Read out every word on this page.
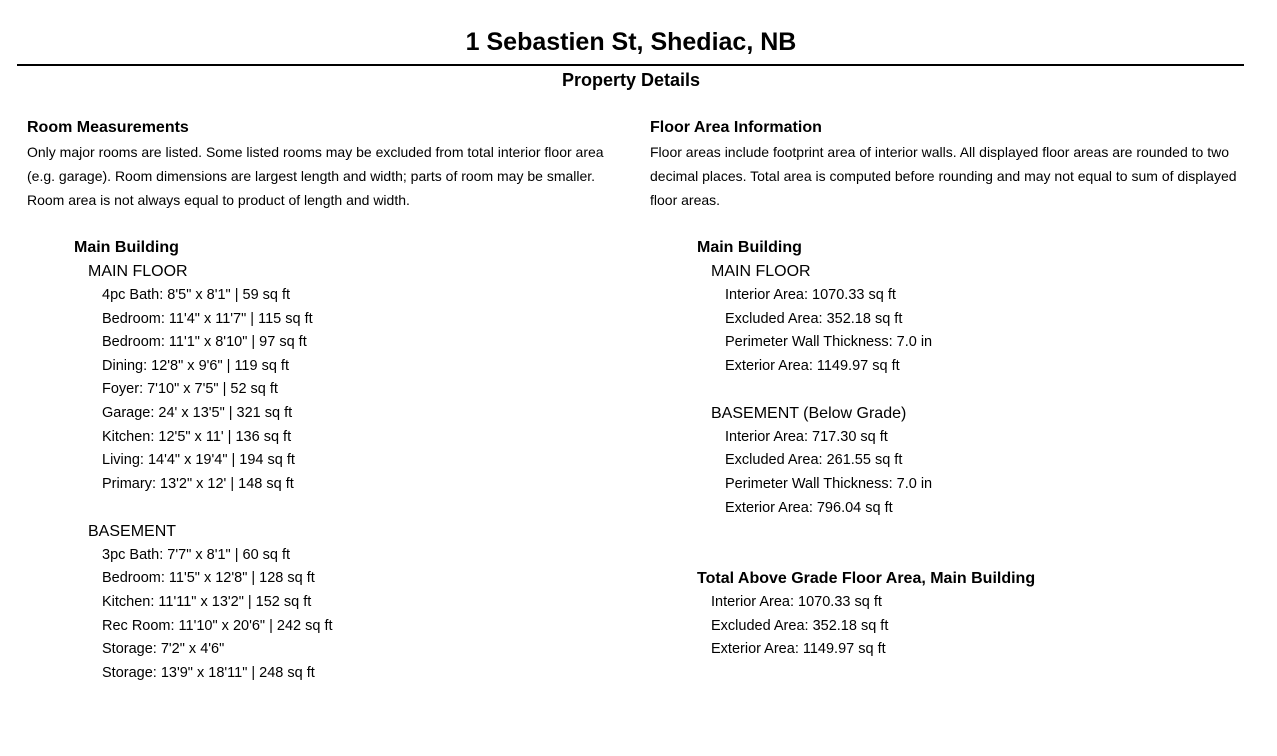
1 Sebastien St, Shediac, NB
Property Details
Room Measurements
Only major rooms are listed. Some listed rooms may be excluded from total interior floor area (e.g. garage). Room dimensions are largest length and width; parts of room may be smaller. Room area is not always equal to product of length and width.
Main Building
MAIN FLOOR
4pc Bath: 8'5" x 8'1" | 59 sq ft
Bedroom: 11'4" x 11'7" | 115 sq ft
Bedroom: 11'1" x 8'10" | 97 sq ft
Dining: 12'8" x 9'6" | 119 sq ft
Foyer: 7'10" x 7'5" | 52 sq ft
Garage: 24' x 13'5" | 321 sq ft
Kitchen: 12'5" x 11' | 136 sq ft
Living: 14'4" x 19'4" | 194 sq ft
Primary: 13'2" x 12' | 148 sq ft
BASEMENT
3pc Bath: 7'7" x 8'1" | 60 sq ft
Bedroom: 11'5" x 12'8" | 128 sq ft
Kitchen: 11'11" x 13'2" | 152 sq ft
Rec Room: 11'10" x 20'6" | 242 sq ft
Storage: 7'2" x 4'6"
Storage: 13'9" x 18'11" | 248 sq ft
Floor Area Information
Floor areas include footprint area of interior walls. All displayed floor areas are rounded to two decimal places. Total area is computed before rounding and may not equal to sum of displayed floor areas.
Main Building
MAIN FLOOR
Interior Area: 1070.33 sq ft
Excluded Area: 352.18 sq ft
Perimeter Wall Thickness: 7.0 in
Exterior Area: 1149.97 sq ft
BASEMENT (Below Grade)
Interior Area: 717.30 sq ft
Excluded Area: 261.55 sq ft
Perimeter Wall Thickness: 7.0 in
Exterior Area: 796.04 sq ft
Total Above Grade Floor Area, Main Building
Interior Area: 1070.33 sq ft
Excluded Area: 352.18 sq ft
Exterior Area: 1149.97 sq ft
